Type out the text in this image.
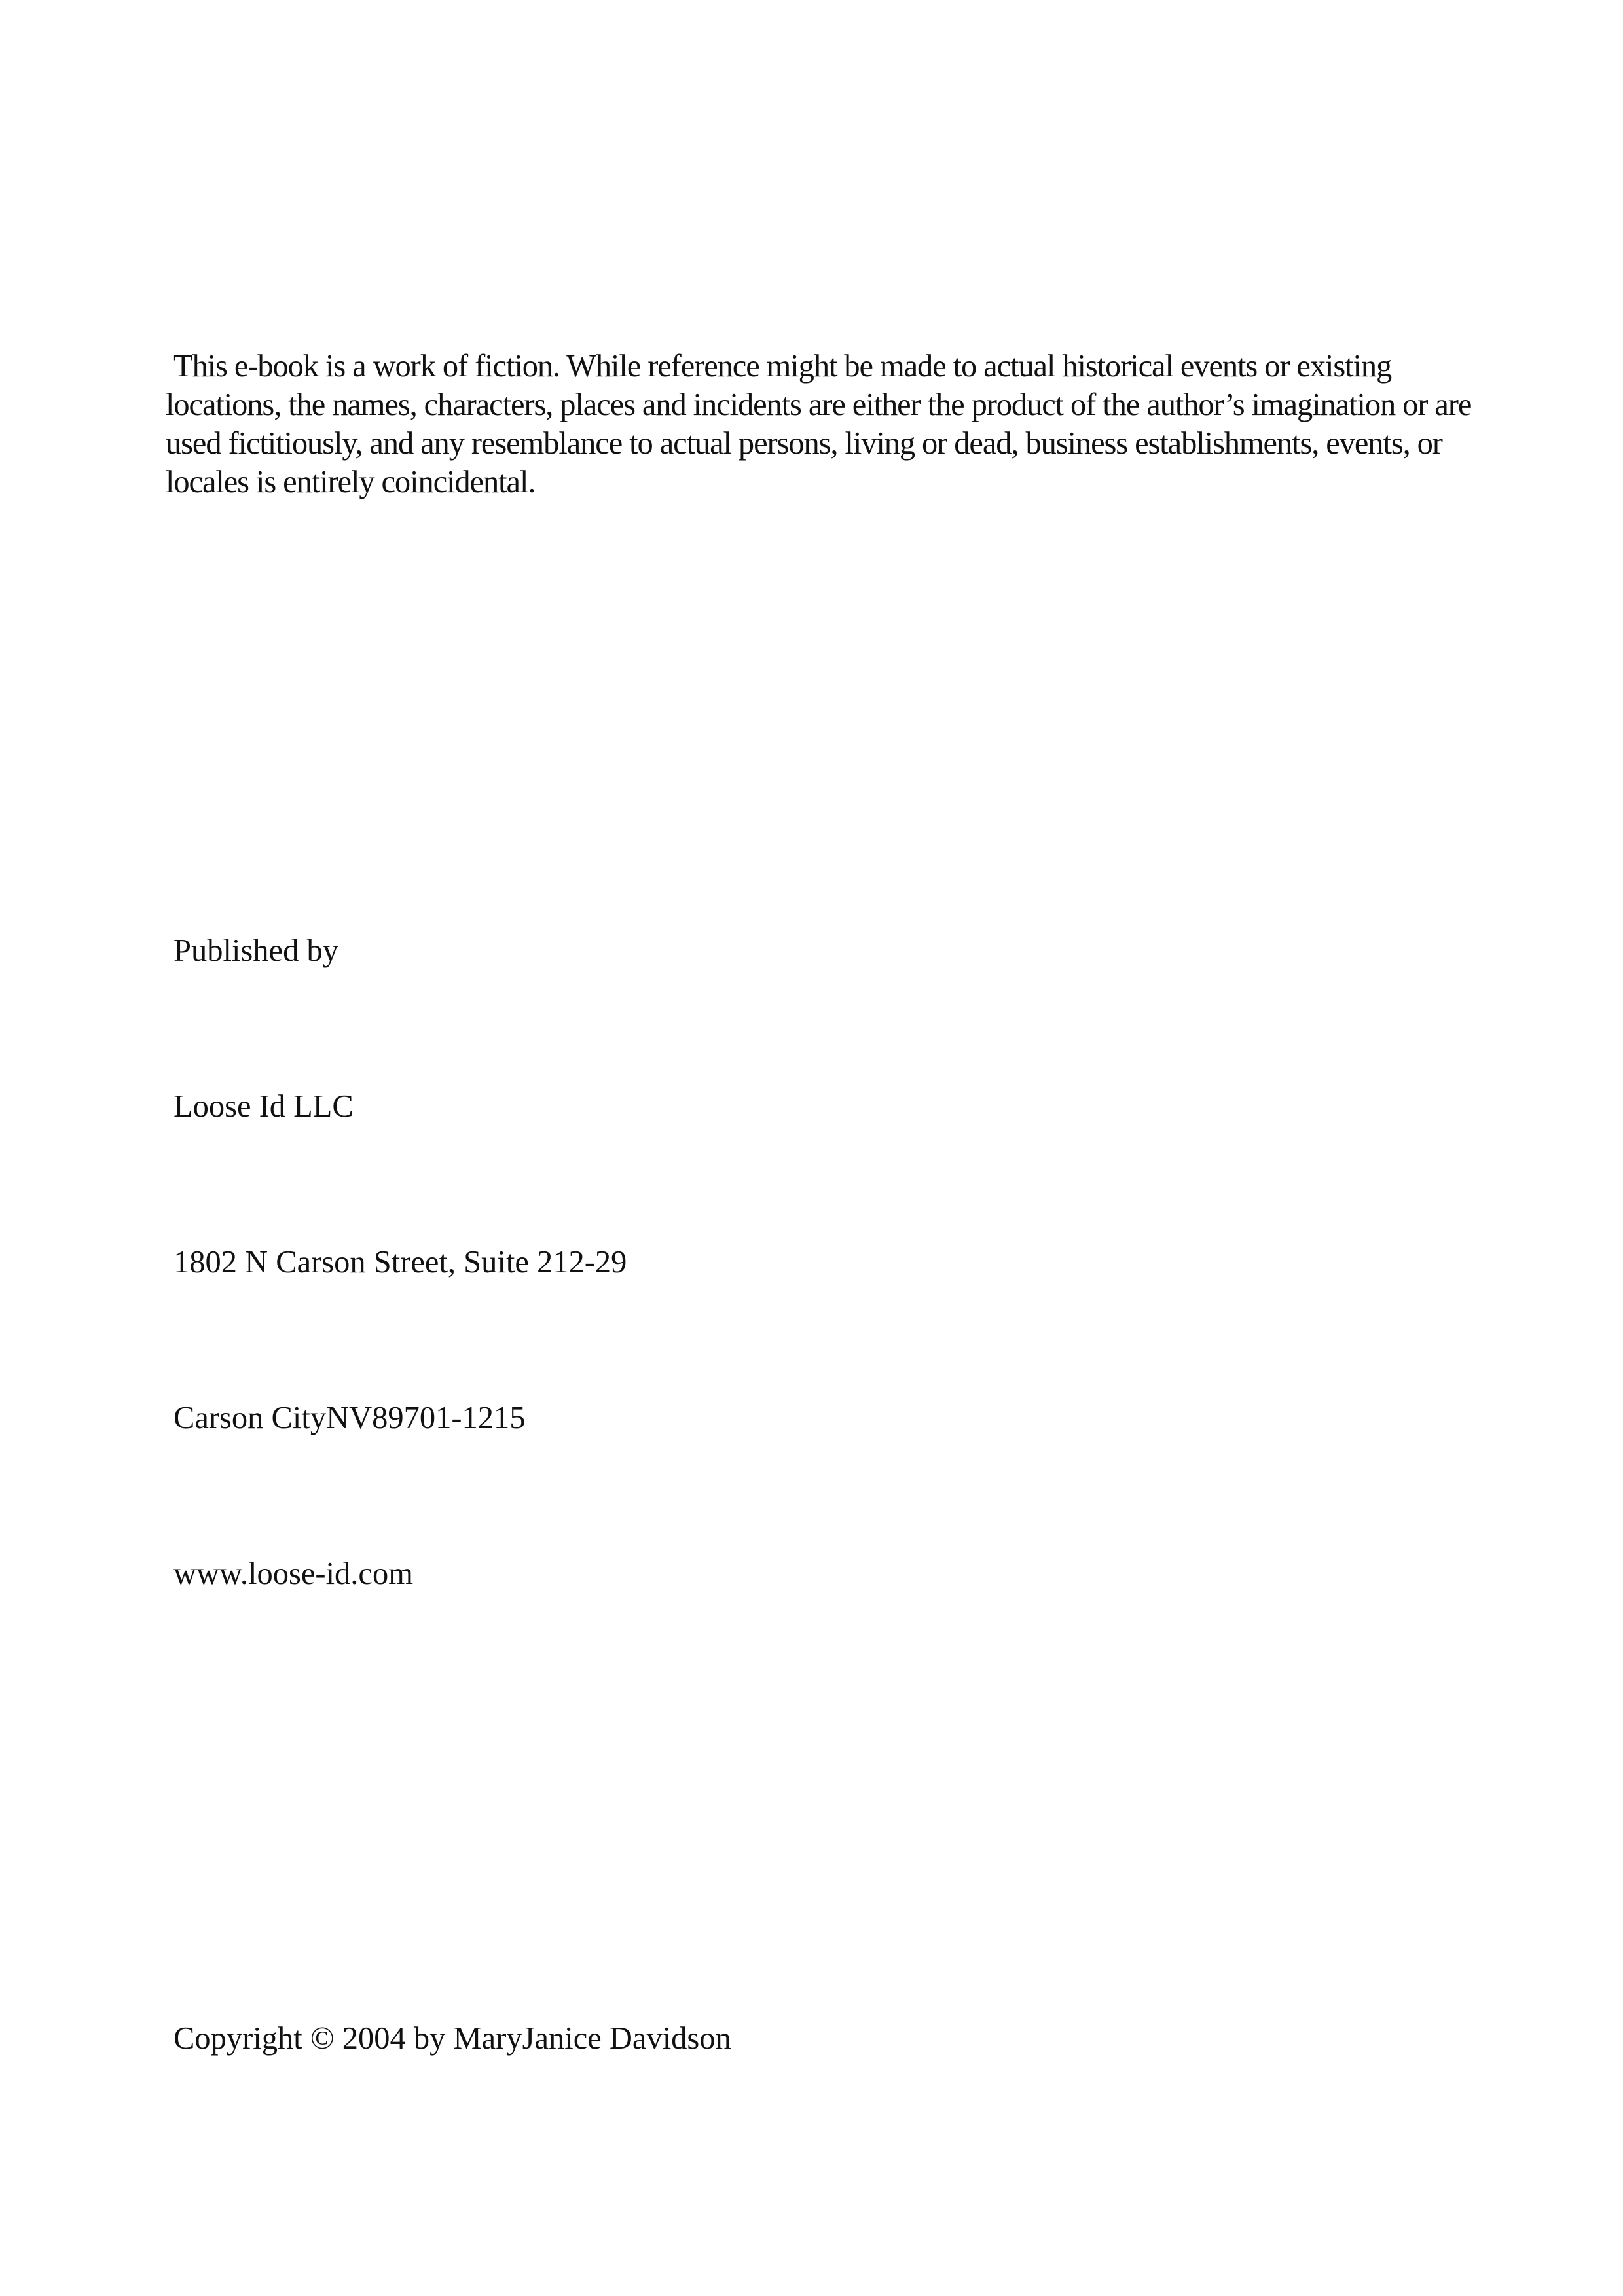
This e-book is a work of fiction. While reference might be made to actual historical events or existing locations, the names, characters, places and incidents are either the product of the author’s imagination or are used fictitiously, and any resemblance to actual persons, living or dead, business establishments, events, or locales is entirely coincidental.

Published by

Loose Id LLC

1802 N Carson Street, Suite 212-29

Carson CityNV89701-1215

www.loose-id.com

Copyright © 2004 by MaryJanice Davidson
